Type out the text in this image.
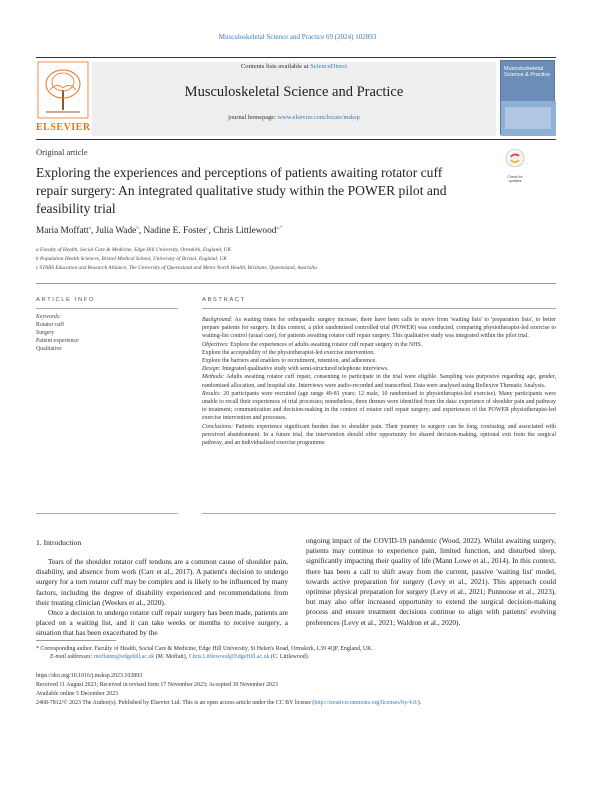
Musculoskeletal Science and Practice 69 (2024) 102893
ELSEVIER
Contents lists available at ScienceDirect
Musculoskeletal Science and Practice
journal homepage: www.elsevier.com/locate/msksp
Musculoskeletal Science & Practice
Original article
Exploring the experiences and perceptions of patients awaiting rotator cuff repair surgery: An integrated qualitative study within the POWER pilot and feasibility trial
Check for updates
Maria Moffatt$^a$, Julia Wade$^b$, Nadine E. Foster$^c$, Chris Littlewood$^{a,*}$
a Faculty of Health, Social Care & Medicine, Edge Hill University, Ormskirk, England, UK
b Population Health Sciences, Bristol Medical School, University of Bristol, England, UK
c STARS Education and Research Alliance, The University of Queensland and Metro North Health, Brisbane, Queensland, Australia
ARTICLE INFO	ABSTRACT
Keywords:
Rotator cuff
Surgery
Patient experience
Qualitative

Background: As waiting times for orthopaedic surgery increase, there have been calls to move from 'waiting lists' to 'preparation lists', to better prepare patients for surgery. In this context, a pilot randomised controlled trial (POWER) was conducted, comparing physiotherapist-led exercise to waiting-list control (usual care), for patients awaiting rotator cuff repair surgery. This qualitative study was integrated within the pilot trial.

Objectives: Explore the experiences of adults awaiting rotator cuff repair surgery in the NHS.

Explore the acceptability of the physiotherapist-led exercise intervention.

Explore the barriers and enablers to recruitment, retention, and adherence.

Design: Integrated qualitative study with semi-structured telephone interviews.

Methods: Adults awaiting rotator cuff repair, consenting to participate in the trial were eligible. Sampling was purposive regarding age, gender, randomised allocation, and hospital site. Interviews were audio-recorded and transcribed. Data were analysed using Reflexive Thematic Analysis.

Results: 20 participants were recruited (age range 49-81 years; 12 male, 10 randomised to physiotherapist-led exercise). Many participants were unable to recall their experiences of trial processes; nonetheless, three themes were identified from the data: experience of shoulder pain and pathway to treatment; communication and decision-making in the context of rotator cuff repair surgery; and experiences of the POWER physiotherapist-led exercise intervention and processes.

Conclusions: Patients experience significant burden due to shoulder pain. Their journey to surgery can be long, confusing, and associated with perceived abandonment. In a future trial, the intervention should offer opportunity for shared decision-making, optional exit from the surgical pathway, and an individualised exercise programme.

1. Introduction

Tears of the shoulder rotator cuff tendons are a common cause of shoulder pain, disability, and absence from work (Carr et al., 2017). A patient's decision to undergo surgery for a torn rotator cuff may be complex and is likely to be influenced by many factors, including the degree of disability experienced and recommendations from their treating clinician (Weekes et al., 2020).

Once a decision to undergo rotator cuff repair surgery has been made, patients are placed on a waiting list, and it can take weeks or months to receive surgery, a situation that has been exacerbated by the

ongoing impact of the COVID-19 pandemic (Wood, 2022). Whilst awaiting surgery, patients may continue to experience pain, limited function, and disturbed sleep, significantly impacting their quality of life (Mann Lowe et al., 2014). In this context, there has been a call to shift away from the current, passive 'waiting list' model, towards active preparation for surgery (Levy et al., 2021). This approach could optimise physical preparation for surgery (Levy et al., 2021; Punnoose et al., 2023), but may also offer increased opportunity to extend the surgical decision-making process and ensure treatment decisions continue to align with patients' evolving preferences (Levy et al., 2021; Waldron et al., 2020).

* Corresponding author. Faculty of Health, Social Care & Medicine, Edge Hill University, St Helen's Road, Ormskirk, L39 4QP, England, UK.
E-mail addresses: moffattm@edgehill.ac.uk (M. Moffatt), Chris.Littlewood@EdgeHill.ac.uk (C. Littlewood).
https://doi.org/10.1016/j.msksp.2023.102893
Received 11 August 2023; Received in revised form 17 November 2023; Accepted 30 November 2023
Available online 5 December 2023
2468-7812/© 2023 The Author(s). Published by Elsevier Ltd. This is an open access article under the CC BY license (http://creativecommons.org/licenses/by/4.0/).
